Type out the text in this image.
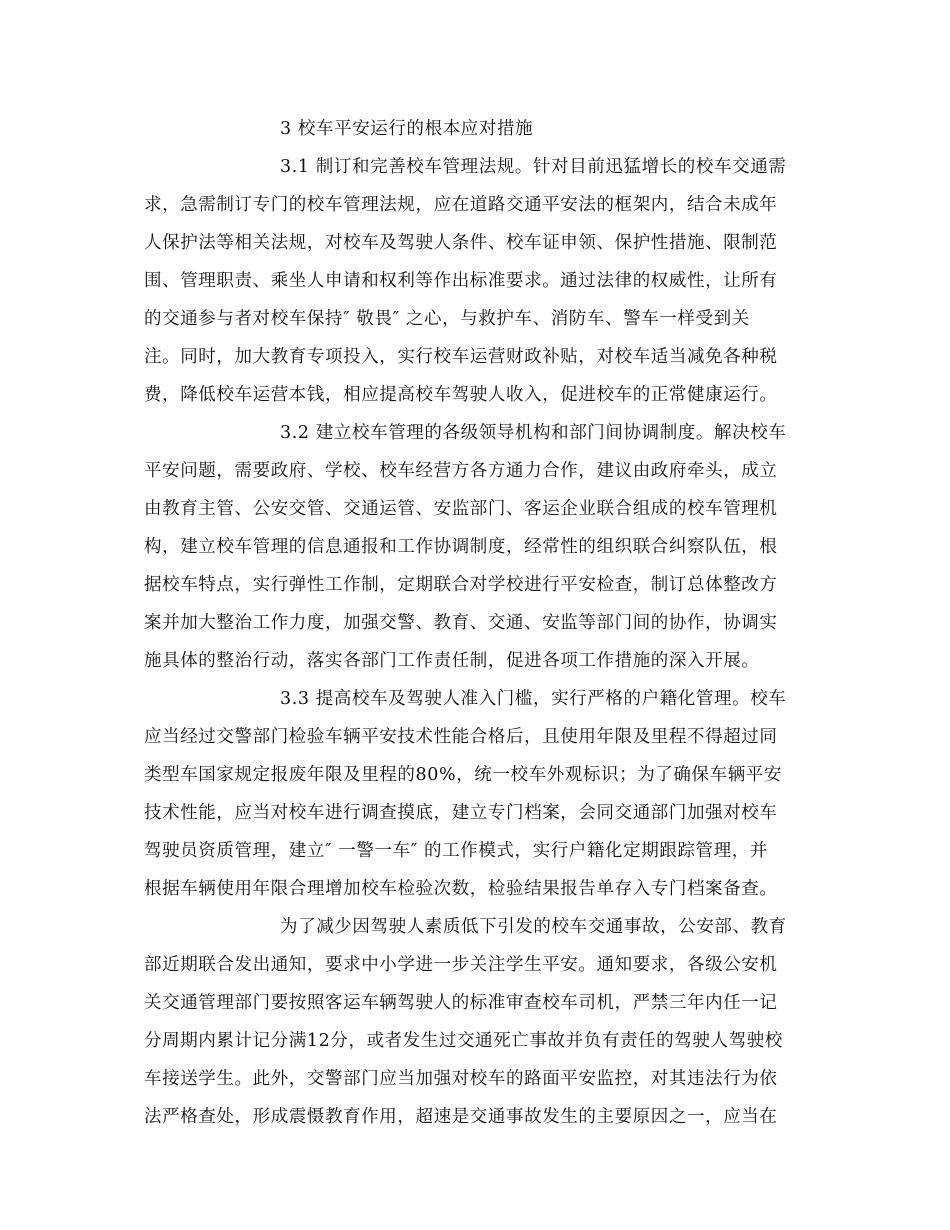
3 校车平安运行的根本应对措施
3.1 制订和完善校车管理法规。针对目前迅猛增长的校车交通需
求，急需制订专门的校车管理法规，应在道路交通平安法的框架内，结合未成年
人保护法等相关法规，对校车及驾驶人条件、校车证申领、保护性措施、限制范
围、管理职责、乘坐人申请和权利等作出标准要求。通过法律的权威性，让所有
的交通参与者对校车保持″ 敬畏″ 之心，与救护车、消防车、警车一样受到关
注。同时，加大教育专项投入，实行校车运营财政补贴，对校车适当减免各种税
费，降低校车运营本钱，相应提高校车驾驶人收入，促进校车的正常健康运行。
3.2 建立校车管理的各级领导机构和部门间协调制度。解决校车
平安问题，需要政府、学校、校车经营方各方通力合作，建议由政府牵头，成立
由教育主管、公安交管、交通运管、安监部门、客运企业联合组成的校车管理机
构，建立校车管理的信息通报和工作协调制度，经常性的组织联合纠察队伍，根
据校车特点，实行弹性工作制，定期联合对学校进行平安检查，制订总体整改方
案并加大整治工作力度，加强交警、教育、交通、安监等部门间的协作，协调实
施具体的整治行动，落实各部门工作责任制，促进各项工作措施的深入开展。
3.3 提高校车及驾驶人准入门槛，实行严格的户籍化管理。校车
应当经过交警部门检验车辆平安技术性能合格后，且使用年限及里程不得超过同
类型车国家规定报废年限及里程的80%，统一校车外观标识；为了确保车辆平安
技术性能，应当对校车进行调查摸底，建立专门档案，会同交通部门加强对校车
驾驶员资质管理，建立″ 一警一车″ 的工作模式，实行户籍化定期跟踪管理，并
根据车辆使用年限合理增加校车检验次数，检验结果报告单存入专门档案备查。
为了减少因驾驶人素质低下引发的校车交通事故，公安部、教育
部近期联合发出通知，要求中小学进一步关注学生平安。通知要求，各级公安机
关交通管理部门要按照客运车辆驾驶人的标准审查校车司机，严禁三年内任一记
分周期内累计记分满12分，或者发生过交通死亡事故并负有责任的驾驶人驾驶校
车接送学生。此外，交警部门应当加强对校车的路面平安监控，对其违法行为依
法严格查处，形成震慑教育作用，超速是交通事故发生的主要原因之一，应当在
